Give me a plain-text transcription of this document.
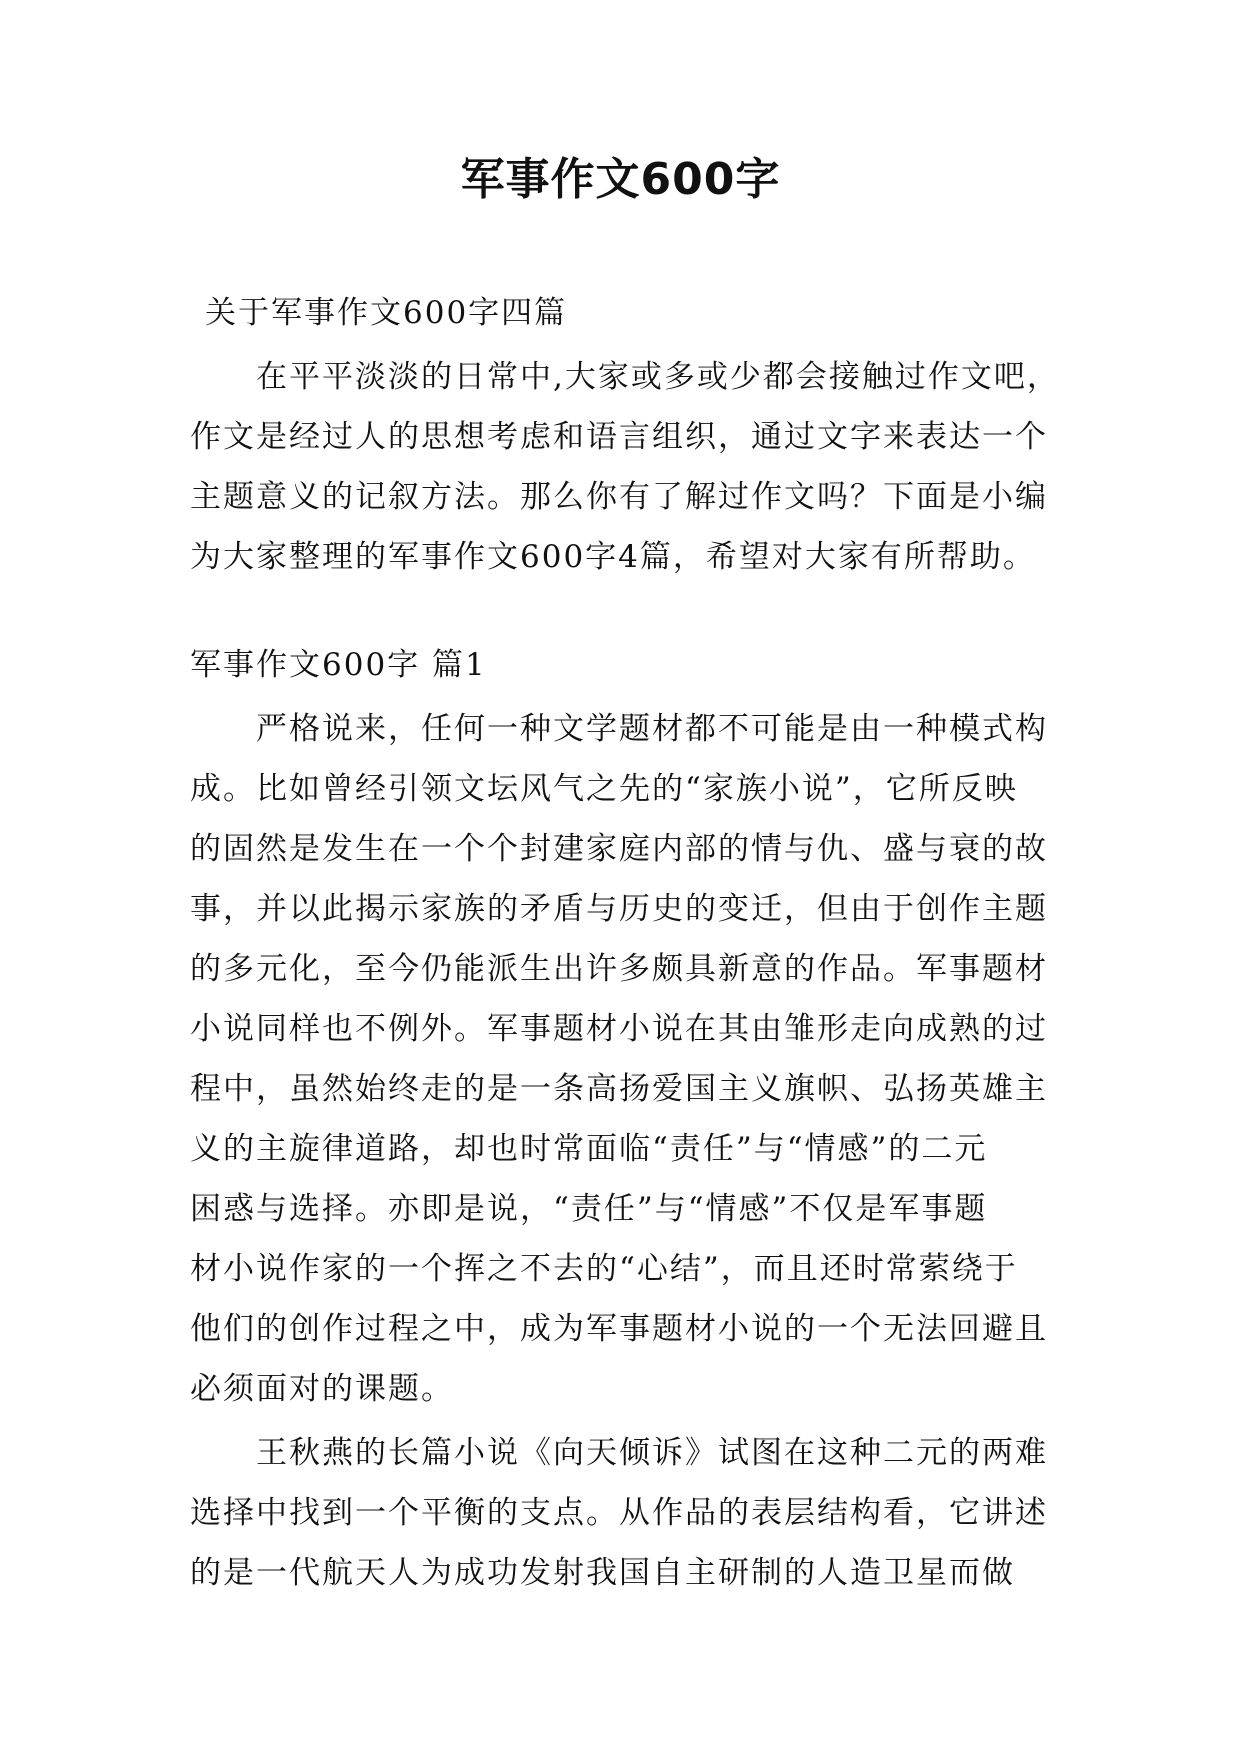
军事作文600字
关于军事作文600字四篇
在平平淡淡的日常中,大家或多或少都会接触过作文吧，
作文是经过人的思想考虑和语言组织，通过文字来表达一个
主题意义的记叙方法。那么你有了解过作文吗？下面是小编
为大家整理的军事作文600字4篇，希望对大家有所帮助。
军事作文600字 篇1
严格说来，任何一种文学题材都不可能是由一种模式构
成。比如曾经引领文坛风气之先的“家族小说”，它所反映
的固然是发生在一个个封建家庭内部的情与仇、盛与衰的故
事，并以此揭示家族的矛盾与历史的变迁，但由于创作主题
的多元化，至今仍能派生出许多颇具新意的作品。军事题材
小说同样也不例外。军事题材小说在其由雏形走向成熟的过
程中，虽然始终走的是一条高扬爱国主义旗帜、弘扬英雄主
义的主旋律道路，却也时常面临“责任”与“情感”的二元
困惑与选择。亦即是说，“责任”与“情感”不仅是军事题
材小说作家的一个挥之不去的“心结”，而且还时常萦绕于
他们的创作过程之中，成为军事题材小说的一个无法回避且
必须面对的课题。
王秋燕的长篇小说《向天倾诉》试图在这种二元的两难
选择中找到一个平衡的支点。从作品的表层结构看，它讲述
的是一代航天人为成功发射我国自主研制的人造卫星而做
